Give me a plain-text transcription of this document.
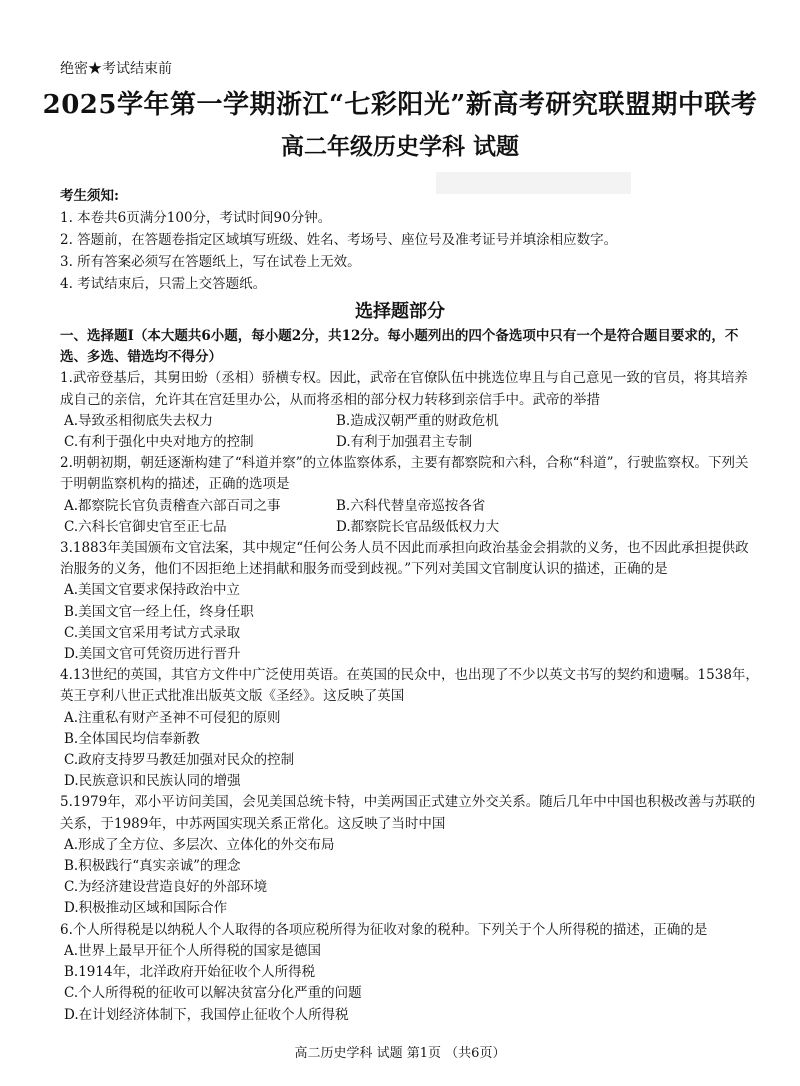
绝密★考试结束前
2025学年第一学期浙江“七彩阳光”新高考研究联盟期中联考
高二年级历史学科 试题
考生须知:
1. 本卷共6页满分100分，考试时间90分钟。
2. 答题前，在答题卷指定区域填写班级、姓名、考场号、座位号及准考证号并填涂相应数字。
3. 所有答案必须写在答题纸上，写在试卷上无效。
4. 考试结束后，只需上交答题纸。
选择题部分
一、选择题Ⅰ（本大题共6小题，每小题2分，共12分。每小题列出的四个备选项中只有一个是符合题目要求的，不选、多选、错选均不得分）
1.武帝登基后，其舅田蚡（丞相）骄横专权。因此，武帝在官僚队伍中挑选位卑且与自己意见一致的官员，将其培养成自己的亲信，允许其在宫廷里办公，从而将丞相的部分权力转移到亲信手中。武帝的举措
A.导致丞相彻底失去权力	B.造成汉朝严重的财政危机
C.有利于强化中央对地方的控制	D.有利于加强君主专制
2.明朝初期，朝廷逐渐构建了“科道并察”的立体监察体系，主要有都察院和六科，合称“科道”，行驶监察权。下列关于明朝监察机构的描述，正确的选项是
A.都察院长官负责稽查六部百司之事	B.六科代替皇帝巡按各省
C.六科长官御史官至正七品	D.都察院长官品级低权力大
3.1883年美国颁布文官法案，其中规定“任何公务人员不因此而承担向政治基金会捐款的义务，也不因此承担提供政治服务的义务，他们不因拒绝上述捐献和服务而受到歧视。”下列对美国文官制度认识的描述，正确的是
A.美国文官要求保持政治中立
B.美国文官一经上任，终身任职
C.美国文官采用考试方式录取
D.美国文官可凭资历进行晋升
4.13世纪的英国，其官方文件中广泛使用英语。在英国的民众中，也出现了不少以英文书写的契约和遗嘱。1538年，英王亨利八世正式批准出版英文版《圣经》。这反映了英国
A.注重私有财产圣神不可侵犯的原则
B.全体国民均信奉新教
C.政府支持罗马教廷加强对民众的控制
D.民族意识和民族认同的增强
5.1979年，邓小平访问美国，会见美国总统卡特，中美两国正式建立外交关系。随后几年中中国也积极改善与苏联的关系，于1989年，中苏两国实现关系正常化。这反映了当时中国
A.形成了全方位、多层次、立体化的外交布局
B.积极践行“真实亲诚”的理念
C.为经济建设营造良好的外部环境
D.积极推动区域和国际合作
6.个人所得税是以纳税人个人取得的各项应税所得为征收对象的税种。下列关于个人所得税的描述，正确的是
A.世界上最早开征个人所得税的国家是德国
B.1914年，北洋政府开始征收个人所得税
C.个人所得税的征收可以解决贫富分化严重的问题
D.在计划经济体制下，我国停止征收个人所得税
高二历史学科 试题 第1页 （共6页）
